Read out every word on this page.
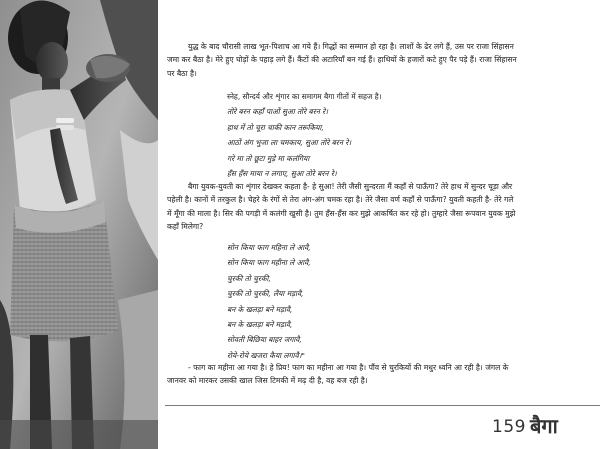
युद्ध के बाद चौरासी लाख भूत-पिशाच आ गये हैं। गिद्धों का सम्मान हो रहा है। लाशों के ढेर लगे हैं, उस पर राजा सिंहासन
जमा कर बैठा है। मेरे हुए घोड़ों के पहाड़ लगे हैं। कैंटों की अटारियाँ बन गई हैं। हाथियों के हजारों कटे हुए पैर पड़े हैं। राजा सिंहासन
पर बैठा है।

स्नेह, सौन्दर्य और शृंगार का समागम बैगा गीतों में सहज है।
तोरे बरन कहाँ पाओं सुआ तोरे बरन रे।
हाथ में तो चूरा चाकी कान तरूकिया,
आठों अंग भुजा ला चमकाय, सुआ तोरे बरन रे।
गरे मा तो छूटा मुड़े मा कलंगिया
हँस हँस माया न लगाए, सुआ तोरे बरन रे।

बैगा युवक-युवती का शृंगार देखकर कहता है- हे सुआ! तेरी जैसी सुन्दरता मैं कहाँ से पाऊँगा? तेरे हाथ में सुन्दर चूड़ा और
पहेली है। कानों में तरकुल है। चेहरे के रंगों से तेरा अंग-अंग चमक रहा है। तेरे जैसा वर्ण कहाँ से पाऊँगा? युवती कहती है- तेरे गले
में मूँगा की माला है। सिर की पगड़ी में कलंगी खुसी है। तुम हँस-हँस कर मुझे आकर्षित कर रहे हो। तुम्हारे जैसा रूपवान युवक मुझे
कहाँ मिलेगा?

सोन किया फाग महिना ले आवै,
सोन किया फाग महीना ले आवै,
चुरकी तो चुरकी,
चुरकी तो चुरकी, लैया मड़ावै,
बन के खलड़ा बने मड़ावै,
बन के खलड़ा बने मड़ावै,
सोवती बिछिया बाहर जगावै,
रोये-रोये खजरा कैया लगावै।"

- फाग का महीना आ गया है। हे प्रिय! फाग का महीना आ गया है। पौंव से चुरकियों की मधुर ध्वनि आ रही है। जंगल के
जानवर को मारकर उसकी खाल जिस टिमकी में मढ़ दी है, वह बज रही है।

159 बैगा
